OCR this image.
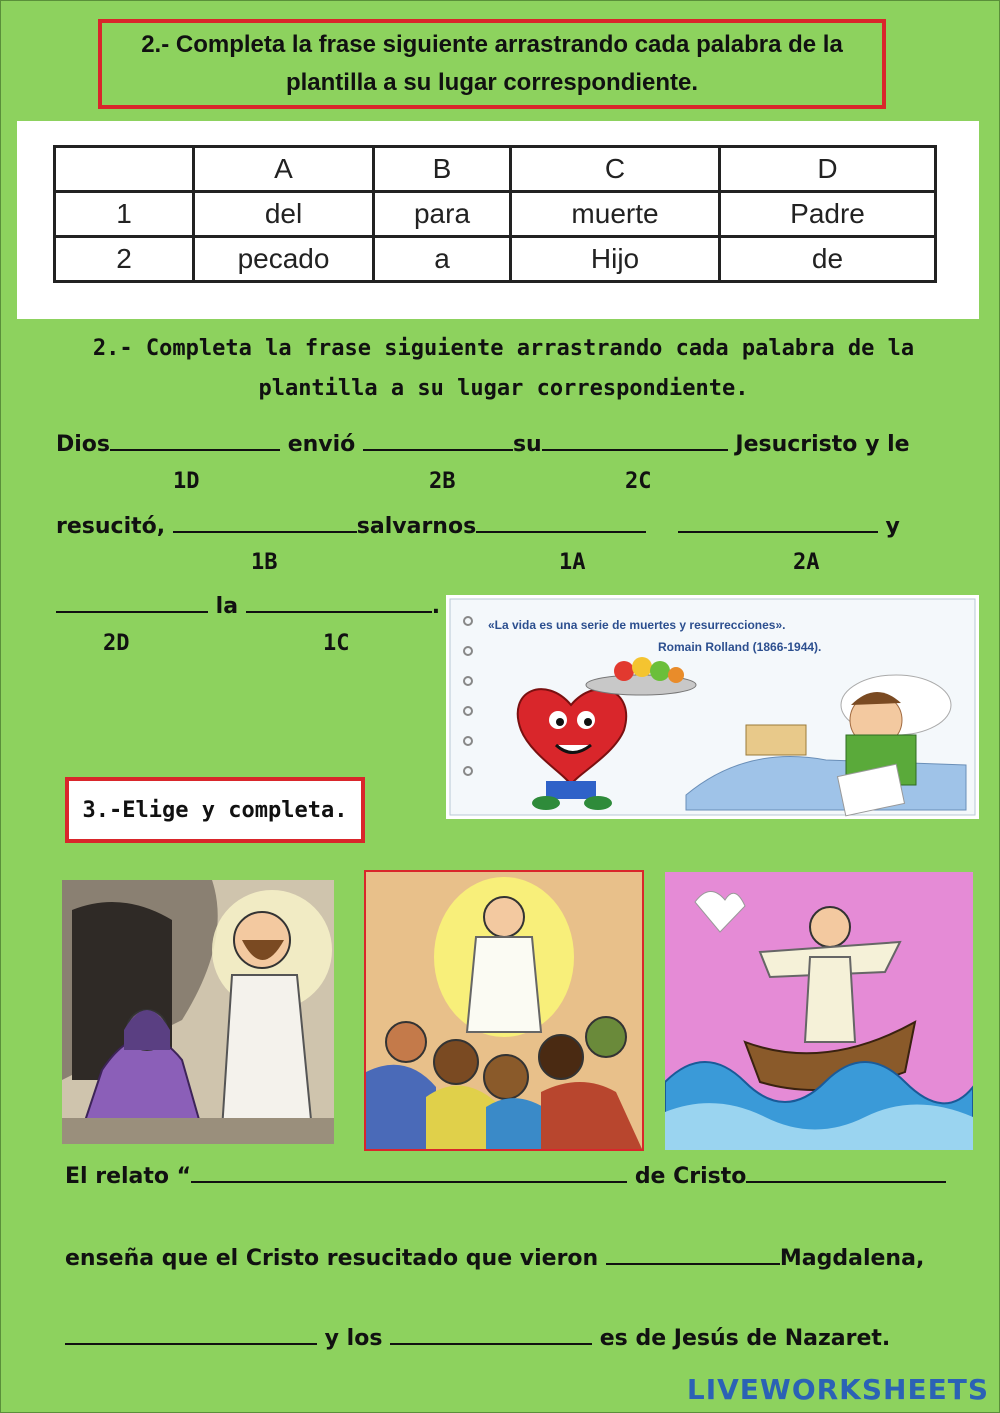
2.- Completa la frase siguiente arrastrando cada palabra de la plantilla a su lugar correspondiente.
	A	B	C	D
1	del	para	muerte	Padre
2	pecado	a	Hijo	de
2.- Completa la frase siguiente arrastrando cada palabra de la plantilla a su lugar correspondiente.
Dios	envió	su	Jesucristo y le
1D	2B	2C
resucitó,	salvarnos	y
1B	1A	2A
la	.
2D	1C
«La vida es una serie de muertes y resurrecciones».
Romain Rolland (1866-1944).
3.-Elige y completa.
El relato “	de Cristo
enseña que el Cristo resucitado que vieron	Magdalena,
y los	es de Jesús de Nazaret.
LIVEWORKSHEETS
